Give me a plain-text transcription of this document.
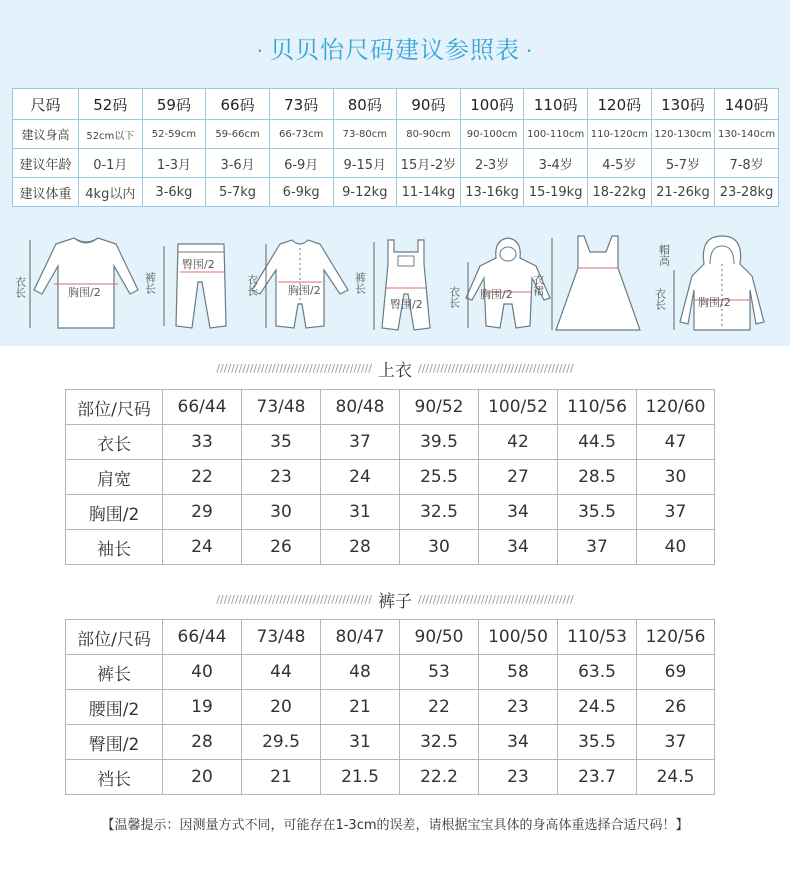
· 贝贝怡尺码建议参照表 ·
尺码	52码	59码	66码	73码	80码	90码	100码	110码	120码	130码	140码
建议身高	52cm以下	52-59cm	59-66cm	66-73cm	73-80cm	80-90cm	90-100cm	100-110cm	110-120cm	120-130cm	130-140cm
建议年龄	0-1月	1-3月	3-6月	6-9月	9-15月	15月-2岁	2-3岁	3-4岁	4-5岁	5-7岁	7-8岁
建议体重	4kg以内	3-6kg	5-7kg	6-9kg	9-12kg	11-14kg	13-16kg	15-19kg	18-22kg	21-26kg	23-28kg
衣长	胸围/2	裤长
臀围/2
衣长	胸围/2	裤长
臀围/2 衣长 胸围/2 衣裙
帽高
衣长	胸围/2
////////////////////////////////////////// 上衣 //////////////////////////////////////////
部位/尺码	66/44	73/48	80/48	90/52	100/52	110/56	120/60
衣长	33	35	37	39.5	42	44.5	47
肩宽	22	23	24	25.5	27	28.5	30
胸围/2	29	30	31	32.5	34	35.5	37
袖长	24	26	28	30	34	37	40
////////////////////////////////////////// 裤子 //////////////////////////////////////////
部位/尺码	66/44	73/48	80/47	90/50	100/50	110/53	120/56
裤长	40	44	48	53	58	63.5	69
腰围/2	19	20	21	22	23	24.5	26
臀围/2	28	29.5	31	32.5	34	35.5	37
裆长	20	21	21.5	22.2	23	23.7	24.5
【温馨提示：因测量方式不同，可能存在1-3cm的误差，请根据宝宝具体的身高体重选择合适尺码！】
